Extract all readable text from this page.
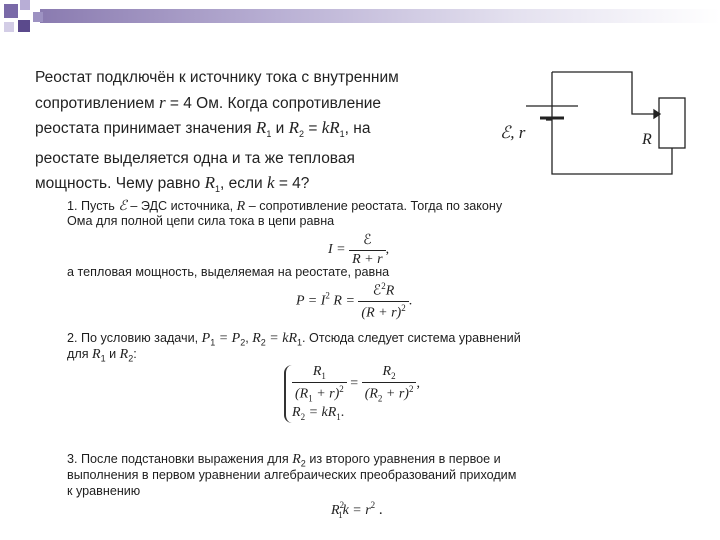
Реостат подключён к источнику тока с внутренним
сопротивлением r = 4 Ом. Когда сопротивление
реостата принимает значения $R_1$ и $R_2 = kR_1$, на
реостате выделяется одна и та же тепловая
мощность. Чему равно $R_1$, если k = 4?
ℰ, r	R
1. Пусть ℰ – ЭДС источника, R – сопротивление реостата. Тогда по закону
Ома для полной цепи сила тока в цепи равна
$I = \frac{\text{ℰ}}{R + r}$ ,
а тепловая мощность, выделяемая на реостате, равна
$P = I^2$ $R = \frac{ℰ^2R}{(R + r)^2}$ .
2. По условию задачи, $P_1 = P_2$, $R_2 = kR_1$. Отсюда следует система уравнений
для $R_1$ и $R_2$:
$\frac{R_1}{(R_1 + r)^2} = \frac{R_2}{(R_2 + r)^2}$ ,
$R_2 = kR_1$.
3. После подстановки выражения для $R_2$ из второго уравнения в первое и
выполнения в первом уравнении алгебраических преобразований приходим
к уравнению
$R^2_1k = r^2$ .
